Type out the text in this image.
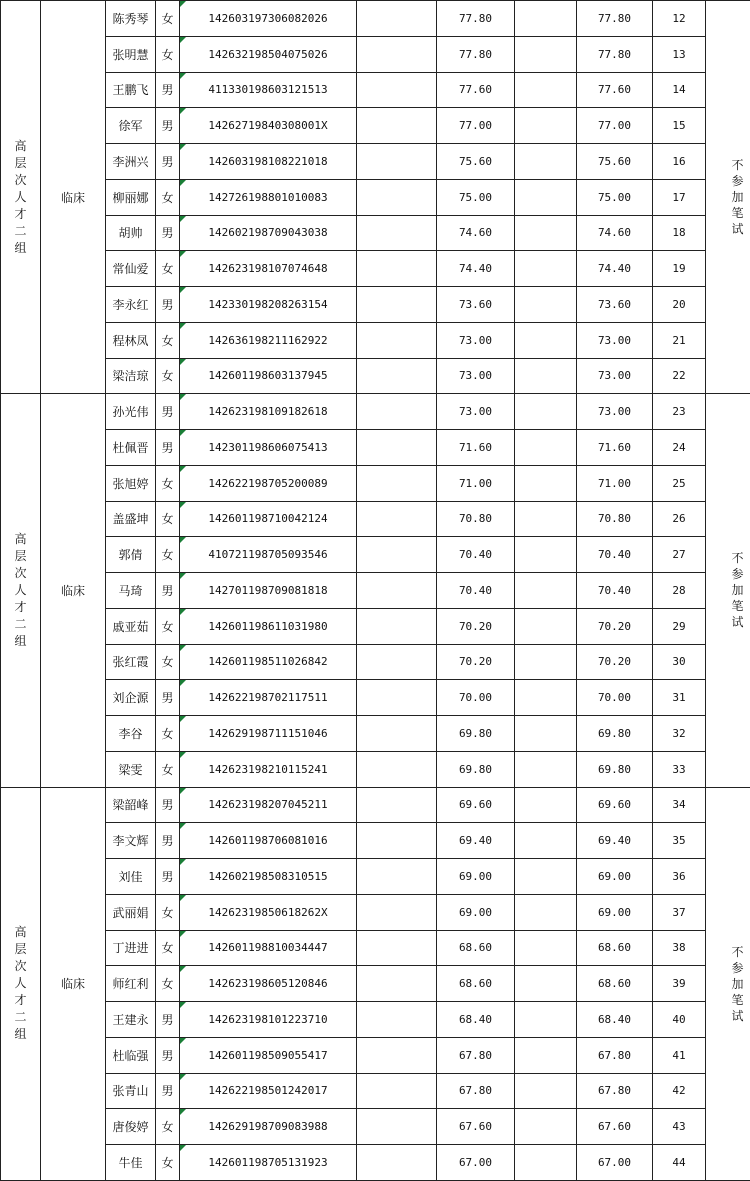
高层次人才二组	临床	陈秀琴	女	142603197306082026		77.80		77.80	12	不参加笔试
		张明慧	女	142632198504075026		77.80		77.80	13	
		王鹏飞	男	411330198603121513		77.60		77.60	14	
		徐军	男	14262719840308001X		77.00		77.00	15	
		李洲兴	男	142603198108221018		75.60		75.60	16	
		柳丽娜	女	142726198801010083		75.00		75.00	17	
		胡帅	男	142602198709043038		74.60		74.60	18	
		常仙爱	女	142623198107074648		74.40		74.40	19	
		李永红	男	142330198208263154		73.60		73.60	20	
		程林凤	女	142636198211162922		73.00		73.00	21	
		梁洁琼	女	142601198603137945		73.00		73.00	22	
高层次人才二组	临床	孙光伟	男	142623198109182618		73.00		73.00	23	不参加笔试
		杜佩晋	男	142301198606075413		71.60		71.60	24	
		张旭婷	女	142622198705200089		71.00		71.00	25	
		盖盛坤	女	142601198710042124		70.80		70.80	26	
		郭倩	女	410721198705093546		70.40		70.40	27	
		马琦	男	142701198709081818		70.40		70.40	28	
		戚亚茹	女	142601198611031980		70.20		70.20	29	
		张红霞	女	142601198511026842		70.20		70.20	30	
		刘企源	男	142622198702117511		70.00		70.00	31	
		李谷	女	142629198711151046		69.80		69.80	32	
		梁雯	女	142623198210115241		69.80		69.80	33	
高层次人才二组	临床	梁韶峰	男	142623198207045211		69.60		69.60	34	不参加笔试
		李文辉	男	142601198706081016		69.40		69.40	35	
		刘佳	男	142602198508310515		69.00		69.00	36	
		武丽娟	女	14262319850618262X		69.00		69.00	37	
		丁进进	女	142601198810034447		68.60		68.60	38	
		师红利	女	142623198605120846		68.60		68.60	39	
		王建永	男	142623198101223710		68.40		68.40	40	
		杜临强	男	142601198509055417		67.80		67.80	41	
		张青山	男	142622198501242017		67.80		67.80	42	
		唐俊婷	女	142629198709083988		67.60		67.60	43	
		牛佳	女	142601198705131923		67.00		67.00	44	
